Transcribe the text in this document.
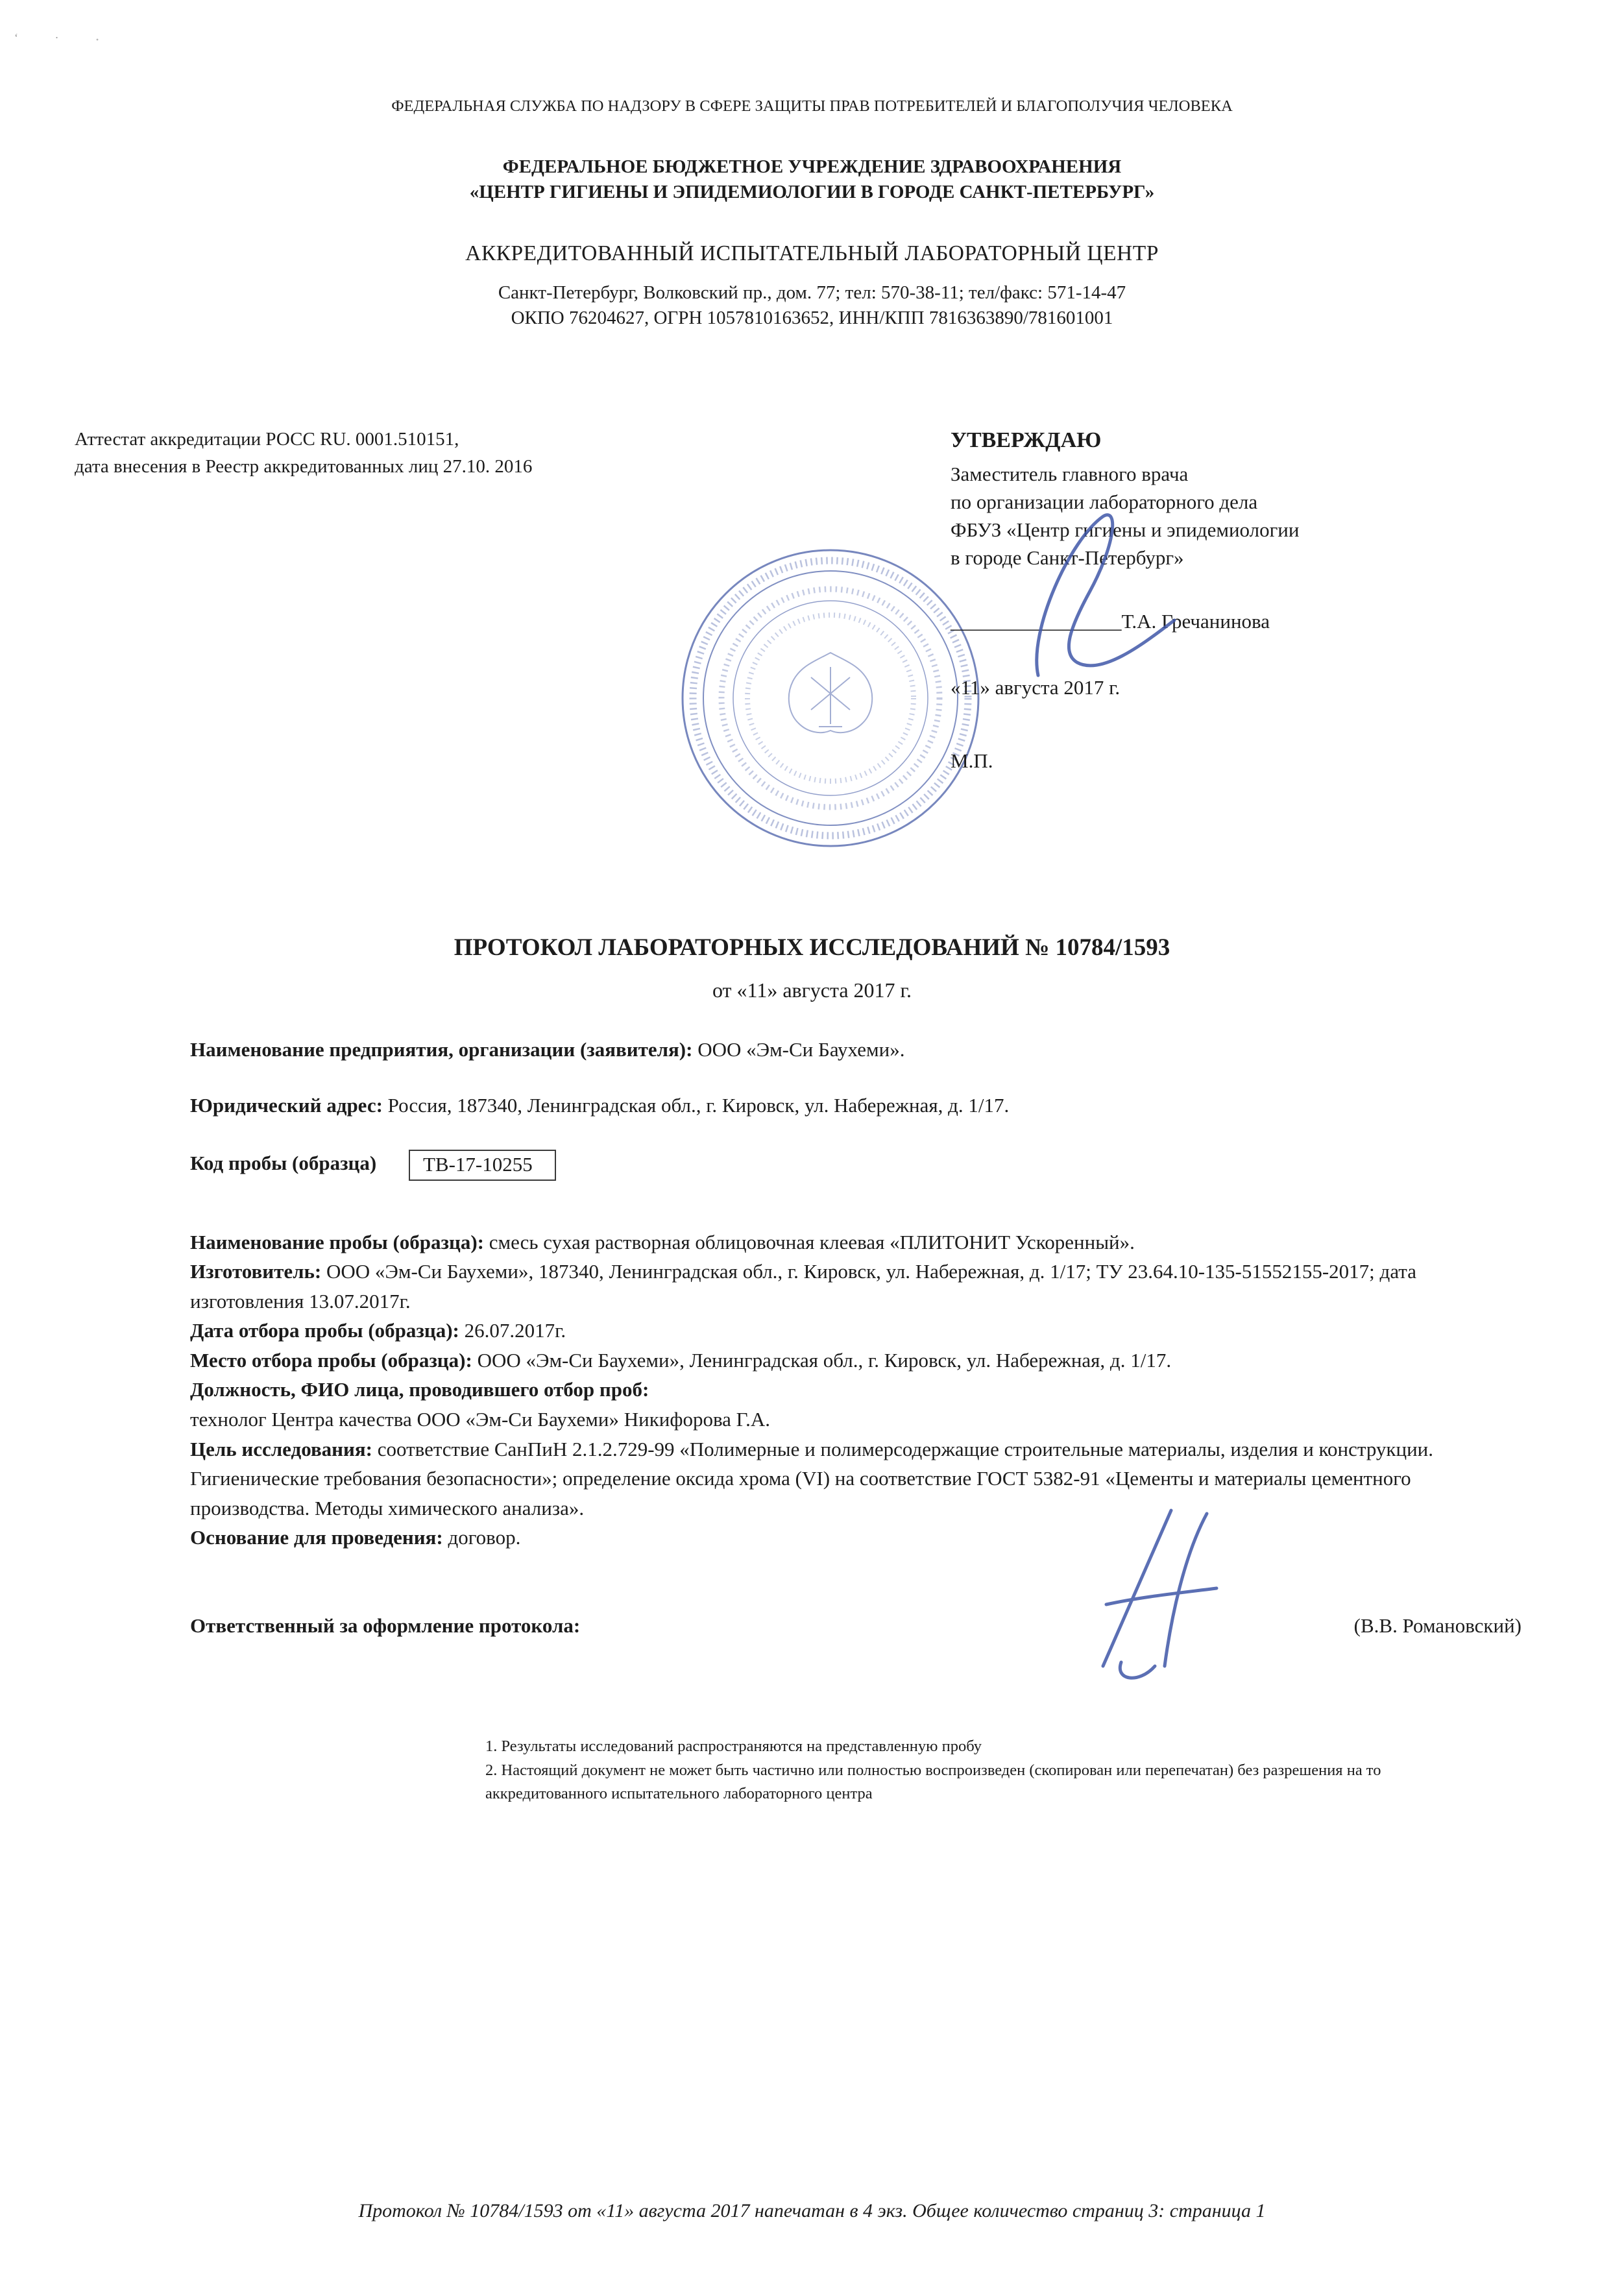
ʻ · ˖
ФЕДЕРАЛЬНАЯ СЛУЖБА ПО НАДЗОРУ В СФЕРЕ ЗАЩИТЫ ПРАВ ПОТРЕБИТЕЛЕЙ И БЛАГОПОЛУЧИЯ ЧЕЛОВЕКА
ФЕДЕРАЛЬНОЕ БЮДЖЕТНОЕ УЧРЕЖДЕНИЕ ЗДРАВООХРАНЕНИЯ
«ЦЕНТР ГИГИЕНЫ И ЭПИДЕМИОЛОГИИ В ГОРОДЕ САНКТ-ПЕТЕРБУРГ»
АККРЕДИТОВАННЫЙ ИСПЫТАТЕЛЬНЫЙ ЛАБОРАТОРНЫЙ ЦЕНТР
Санкт-Петербург, Волковский пр., дом. 77; тел: 570-38-11; тел/факс: 571-14-47
ОКПО 76204627, ОГРН 1057810163652, ИНН/КПП 7816363890/781601001
Аттестат аккредитации РОСС RU. 0001.510151,
дата внесения в Реестр аккредитованных лиц 27.10. 2016
УТВЕРЖДАЮ
Заместитель главного врача
по организации лабораторного дела
ФБУЗ «Центр гигиены и эпидемиологии
в городе Санкт-Петербург»
_________________Т.А. Гречанинова
«11» августа 2017 г.
М.П.
ПРОТОКОЛ ЛАБОРАТОРНЫХ ИССЛЕДОВАНИЙ № 10784/1593
от «11» августа 2017 г.

Наименование предприятия, организации (заявителя): ООО «Эм-Си Баухеми».

Юридический адрес: Россия, 187340, Ленинградская обл., г. Кировск, ул. Набережная, д. 1/17.

Код пробы (образца) ТВ-17-10255

Наименование пробы (образца): смесь сухая растворная облицовочная клеевая «ПЛИТОНИТ Ускоренный».

Изготовитель: ООО «Эм-Си Баухеми», 187340, Ленинградская обл., г. Кировск, ул. Набережная, д. 1/17; ТУ 23.64.10-135-51552155-2017; дата изготовления 13.07.2017г.

Дата отбора пробы (образца): 26.07.2017г.

Место отбора пробы (образца): ООО «Эм-Си Баухеми», Ленинградская обл., г. Кировск, ул. Набережная, д. 1/17.

Должность, ФИО лица, проводившего отбор проб:
технолог Центра качества ООО «Эм-Си Баухеми» Никифорова Г.А.

Цель исследования: соответствие СанПиН 2.1.2.729-99 «Полимерные и полимерсодержащие строительные материалы, изделия и конструкции. Гигиенические требования безопасности»; определение оксида хрома (VI) на соответствие ГОСТ 5382-91 «Цементы и материалы цементного производства. Методы химического анализа».

Основание для проведения: договор.

Ответственный за оформление протокола:	(В.В. Романовский)

1. Результаты исследований распространяются на представленную пробу

2. Настоящий документ не может быть частично или полностью воспроизведен (скопирован или перепечатан) без разрешения на то аккредитованного испытательного лабораторного центра

Протокол № 10784/1593 от «11» августа 2017 напечатан в 4 экз. Общее количество страниц 3: страница 1
